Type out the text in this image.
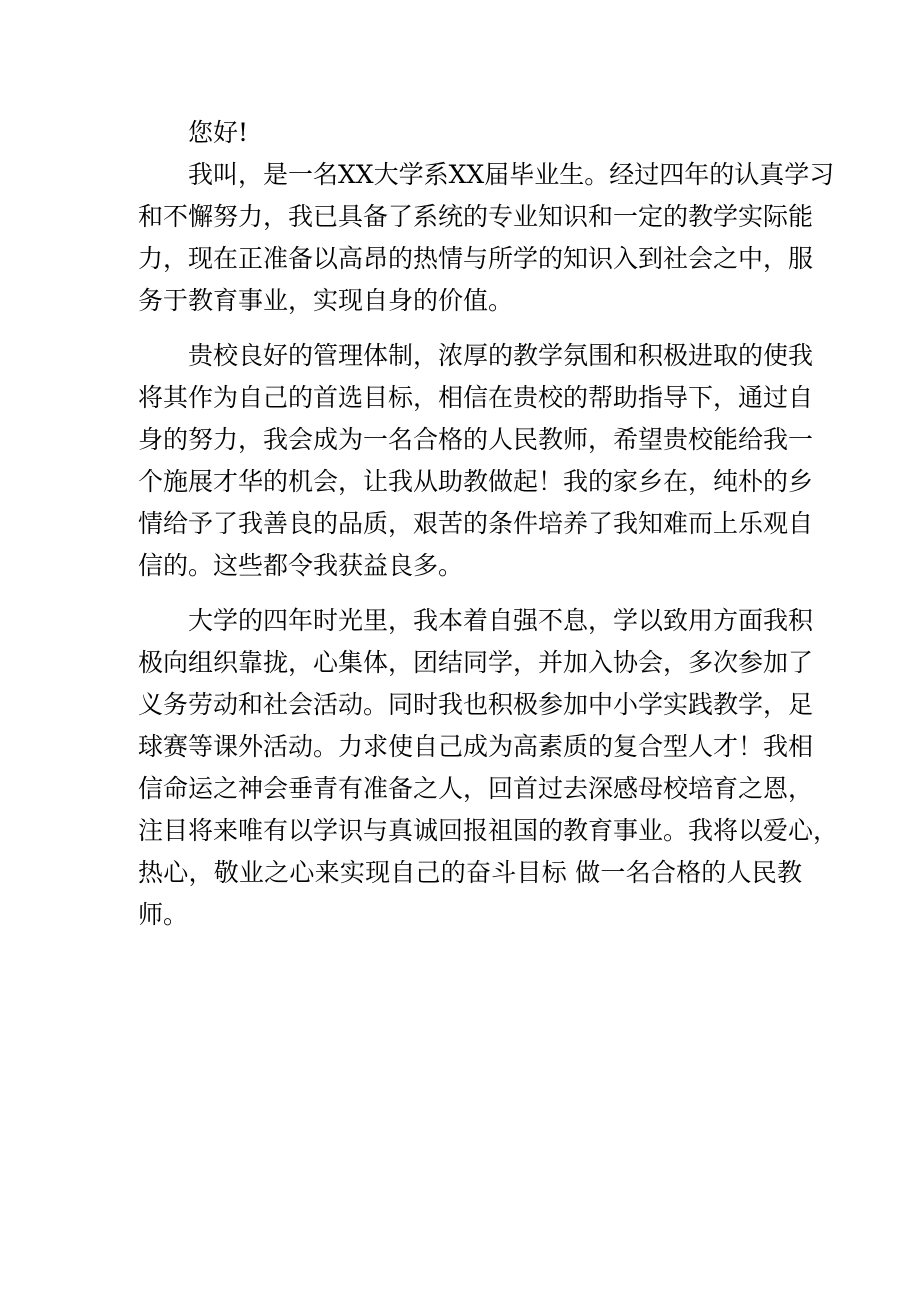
您好!
我叫，是一名XX大学系XX届毕业生。经过四年的认真学习
和不懈努力，我已具备了系统的专业知识和一定的教学实际能
力，现在正准备以高昂的热情与所学的知识入到社会之中，服
务于教育事业，实现自身的价值。
贵校良好的管理体制，浓厚的教学氛围和积极进取的使我
将其作为自己的首选目标，相信在贵校的帮助指导下，通过自
身的努力，我会成为一名合格的人民教师，希望贵校能给我一
个施展才华的机会，让我从助教做起！我的家乡在，纯朴的乡
情给予了我善良的品质，艰苦的条件培养了我知难而上乐观自
信的。这些都令我获益良多。
大学的四年时光里，我本着自强不息，学以致用方面我积
极向组织靠拢，心集体，团结同学，并加入协会，多次参加了
义务劳动和社会活动。同时我也积极参加中小学实践教学，足
球赛等课外活动。力求使自己成为高素质的复合型人才！我相
信命运之神会垂青有准备之人，回首过去深感母校培育之恩，
注目将来唯有以学识与真诚回报祖国的教育事业。我将以爱心，
热心，敬业之心来实现自己的奋斗目标 做一名合格的人民教
师。
